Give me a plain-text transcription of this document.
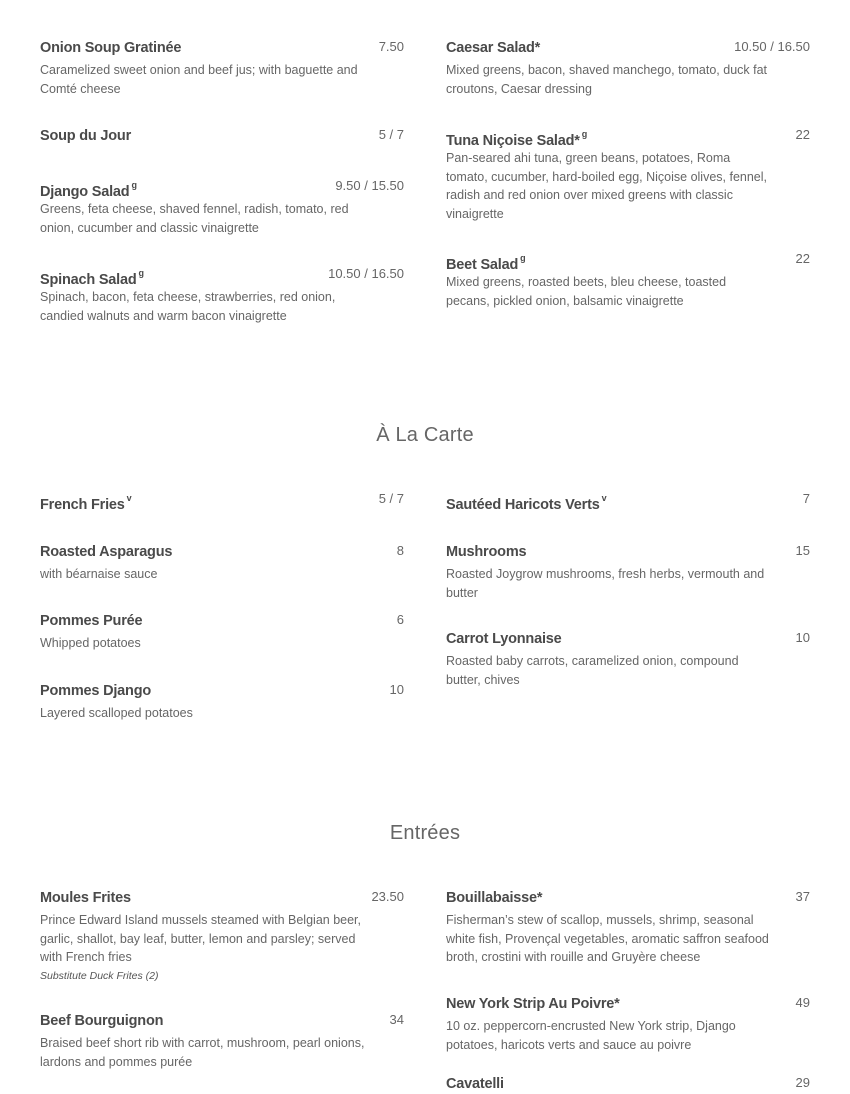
Onion Soup Gratinée	7.50
Caramelized sweet onion and beef jus; with baguette and Comté cheese
Soup du Jour	5 / 7
Django Salad $^g$	9.50 / 15.50
Greens, feta cheese, shaved fennel, radish, tomato, red onion, cucumber and classic vinaigrette
Spinach Salad $^g$	10.50 / 16.50
Spinach, bacon, feta cheese, strawberries, red onion, candied walnuts and warm bacon vinaigrette
Caesar Salad*	10.50 / 16.50
Mixed greens, bacon, shaved manchego, tomato, duck fat croutons, Caesar dressing
Tuna Niçoise Salad* $^g$	22
Pan-seared ahi tuna, green beans, potatoes, Roma tomato, cucumber, hard-boiled egg, Niçoise olives, fennel, radish and red onion over mixed greens with classic vinaigrette
Beet Salad $^g$	22
Mixed greens, roasted beets, bleu cheese, toasted pecans, pickled onion, balsamic vinaigrette
À La Carte
French Fries $^v$	5 / 7
Roasted Asparagus	8
with béarnaise sauce
Pommes Purée	6
Whipped potatoes
Pommes Django	10
Layered scalloped potatoes
Sautéed Haricots Verts $^v$	7
Mushrooms	15
Roasted Joygrow mushrooms, fresh herbs, vermouth and butter
Carrot Lyonnaise	10
Roasted baby carrots, caramelized onion, compound butter, chives
Entrées
Moules Frites	23.50
Prince Edward Island mussels steamed with Belgian beer, garlic, shallot, bay leaf, butter, lemon and parsley; served with French fries
Substitute Duck Frites (2)
Beef Bourguignon	34
Braised beef short rib with carrot, mushroom, pearl onions, lardons and pommes purée
Bouillabaisse*	37
Fisherman’s stew of scallop, mussels, shrimp, seasonal white fish, Provençal vegetables, aromatic saffron seafood broth, crostini with rouille and Gruyère cheese
New York Strip Au Poivre*	49
10 oz. peppercorn-encrusted New York strip, Django potatoes, haricots verts and sauce au poivre
Cavatelli	29
